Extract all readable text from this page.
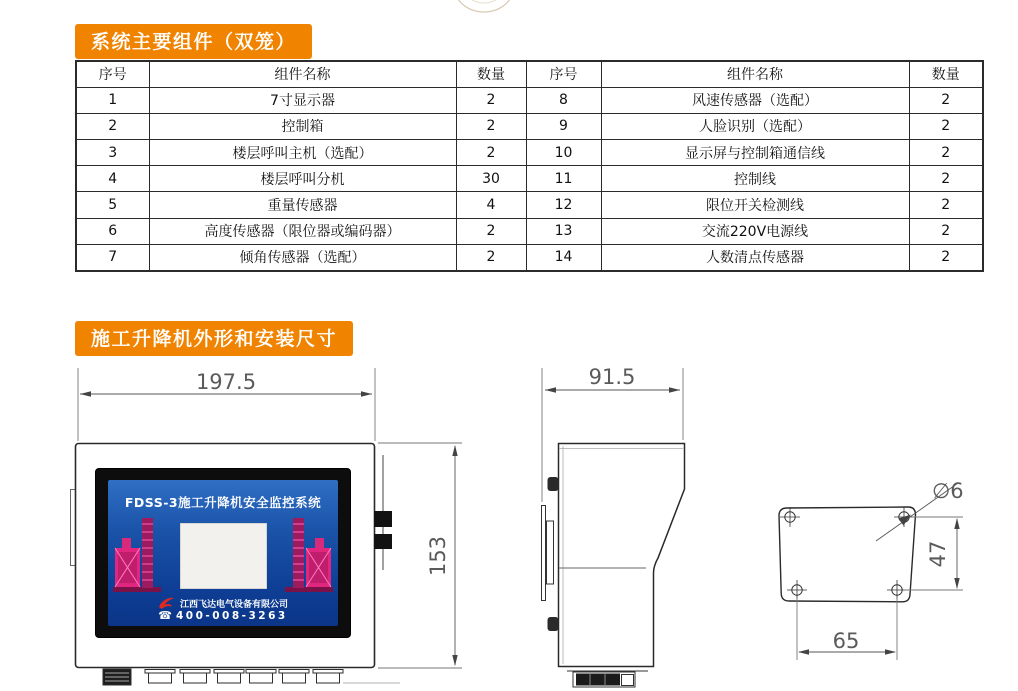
197.5
153
91.5
∅6
47
65
系统主要组件（双笼）
序号	组件名称	数量	序号	组件名称	数量
1	7寸显示器	2	8	风速传感器（选配）	2
2	控制箱	2	9	人脸识别（选配）	2
3	楼层呼叫主机（选配）	2	10	显示屏与控制箱通信线	2
4	楼层呼叫分机	30	11	控制线	2
5	重量传感器	4	12	限位开关检测线	2
6	高度传感器（限位器或编码器）	2	13	交流220V电源线	2
7	倾角传感器（选配）	2	14	人数清点传感器	2
施工升降机外形和安装尺寸
FDSS-3施工升降机安全监控系统
江西飞达电气设备有限公司
☎ 400-008-3263
